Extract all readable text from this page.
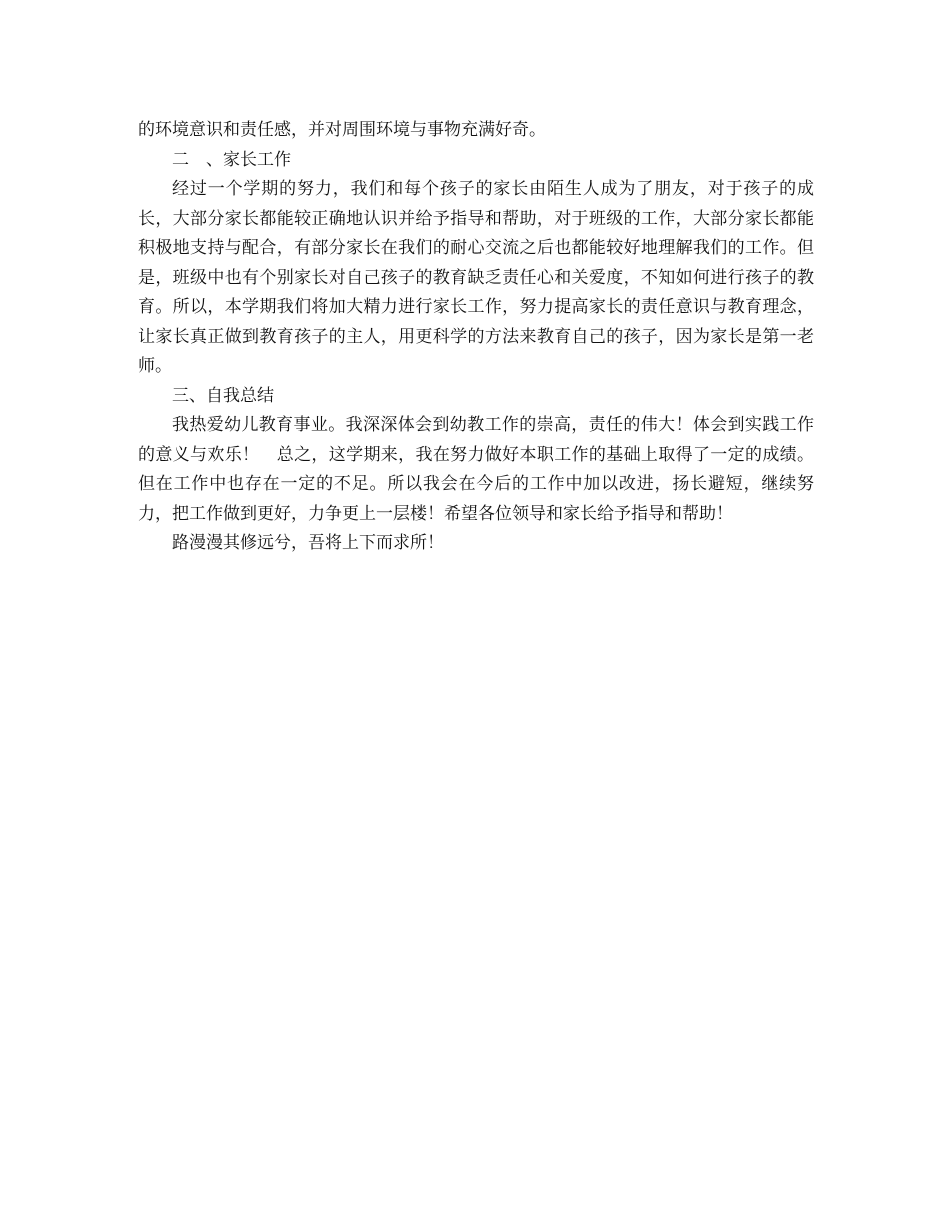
的环境意识和责任感，并对周围环境与事物充满好奇。

二　、家长工作

经过一个学期的努力，我们和每个孩子的家长由陌生人成为了朋友，对于孩子的成长，大部分家长都能较正确地认识并给予指导和帮助，对于班级的工作，大部分家长都能积极地支持与配合，有部分家长在我们的耐心交流之后也都能较好地理解我们的工作。但是，班级中也有个别家长对自己孩子的教育缺乏责任心和关爱度，不知如何进行孩子的教育。所以，本学期我们将加大精力进行家长工作，努力提高家长的责任意识与教育理念，让家长真正做到教育孩子的主人，用更科学的方法来教育自己的孩子，因为家长是第一老师。

三、自我总结

我热爱幼儿教育事业。我深深体会到幼教工作的崇高，责任的伟大！体会到实践工作的意义与欢乐！　总之，这学期来，我在努力做好本职工作的基础上取得了一定的成绩。但在工作中也存在一定的不足。所以我会在今后的工作中加以改进，扬长避短，继续努力，把工作做到更好，力争更上一层楼！希望各位领导和家长给予指导和帮助！

路漫漫其修远兮，吾将上下而求所！
